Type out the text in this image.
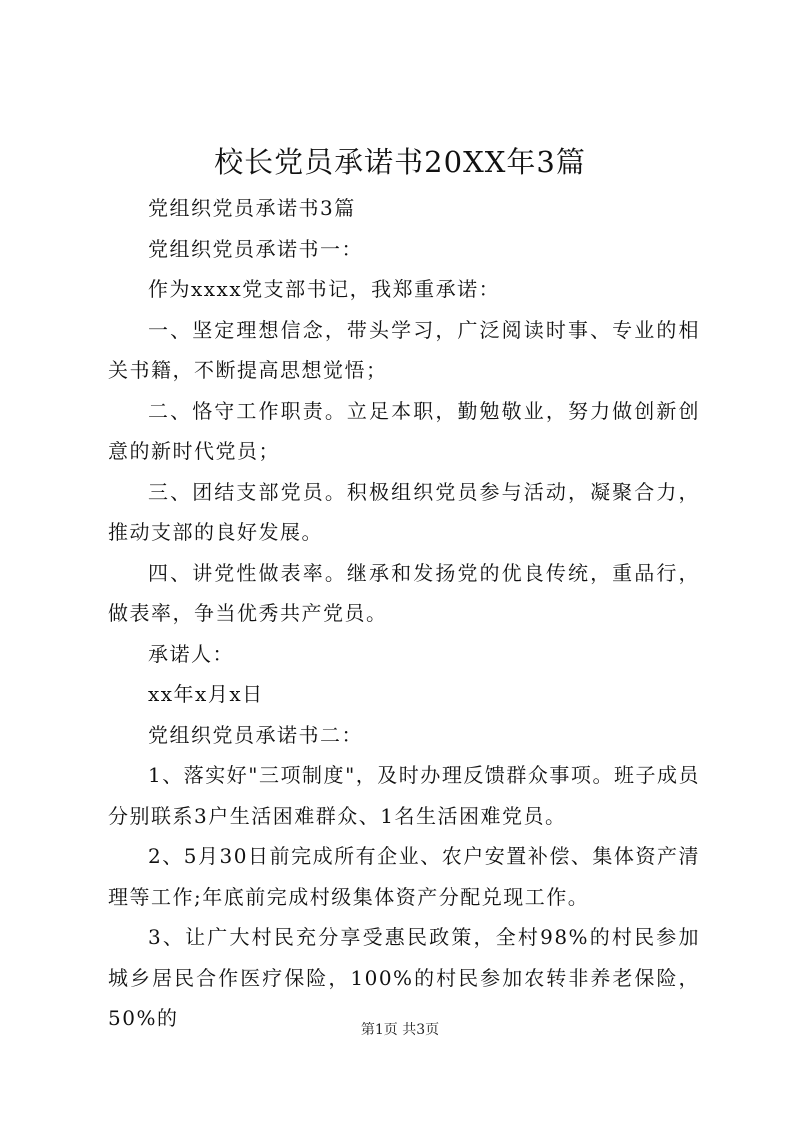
校长党员承诺书20XX年3篇

党组织党员承诺书3篇

党组织党员承诺书一：

作为xxxx党支部书记，我郑重承诺：

一、坚定理想信念，带头学习，广泛阅读时事、专业的相关书籍，不断提高思想觉悟；

二、恪守工作职责。立足本职，勤勉敬业，努力做创新创意的新时代党员；

三、团结支部党员。积极组织党员参与活动，凝聚合力，推动支部的良好发展。

四、讲党性做表率。继承和发扬党的优良传统，重品行，做表率，争当优秀共产党员。

承诺人：

xx年x月x日

党组织党员承诺书二：

1、落实好"三项制度"，及时办理反馈群众事项。班子成员分别联系3户生活困难群众、1名生活困难党员。

2、5月30日前完成所有企业、农户安置补偿、集体资产清理等工作;年底前完成村级集体资产分配兑现工作。

3、让广大村民充分享受惠民政策，全村98%的村民参加城乡居民合作医疗保险，100%的村民参加农转非养老保险，50%的	第1页 共3页
